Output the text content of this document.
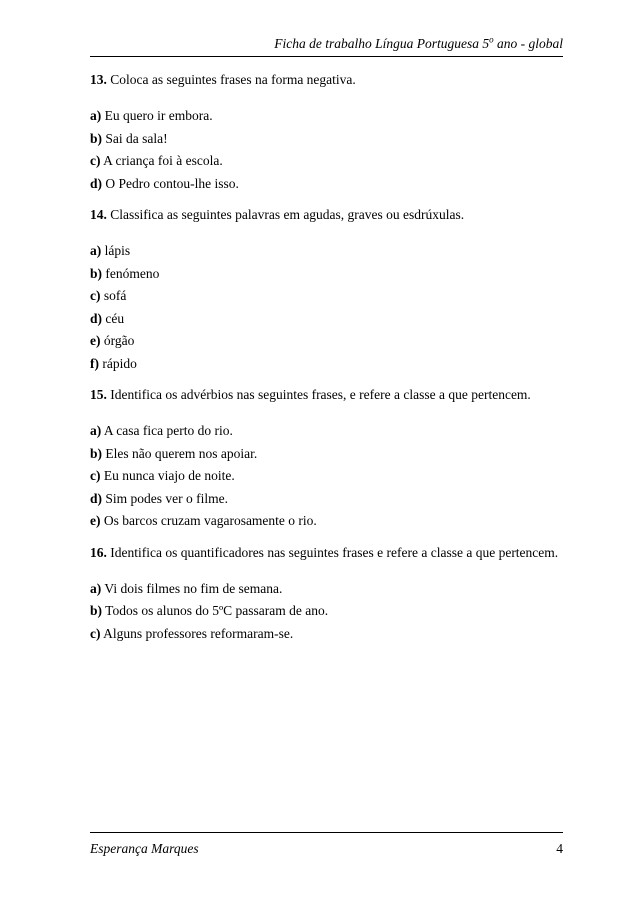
Ficha de trabalho Língua Portuguesa 5$^o$ ano - global

13. Coloca as seguintes frases na forma negativa.

a) Eu quero ir embora.

b) Sai da sala!

c) A criança foi à escola.

d) O Pedro contou-lhe isso.

14. Classifica as seguintes palavras em agudas, graves ou esdrúxulas.

a) lápis

b) fenómeno

c) sofá

d) céu

e) órgão

f) rápido

15. Identifica os advérbios nas seguintes frases, e refere a classe a que pertencem.

a) A casa fica perto do rio.

b) Eles não querem nos apoiar.

c) Eu nunca viajo de noite.

d) Sim podes ver o filme.

e) Os barcos cruzam vagarosamente o rio.

16. Identifica os quantificadores nas seguintes frases e refere a classe a que pertencem.

a) Vi dois filmes no fim de semana.

b) Todos os alunos do 5ºC passaram de ano.

c) Alguns professores reformaram-se.

Esperança Marques	4
